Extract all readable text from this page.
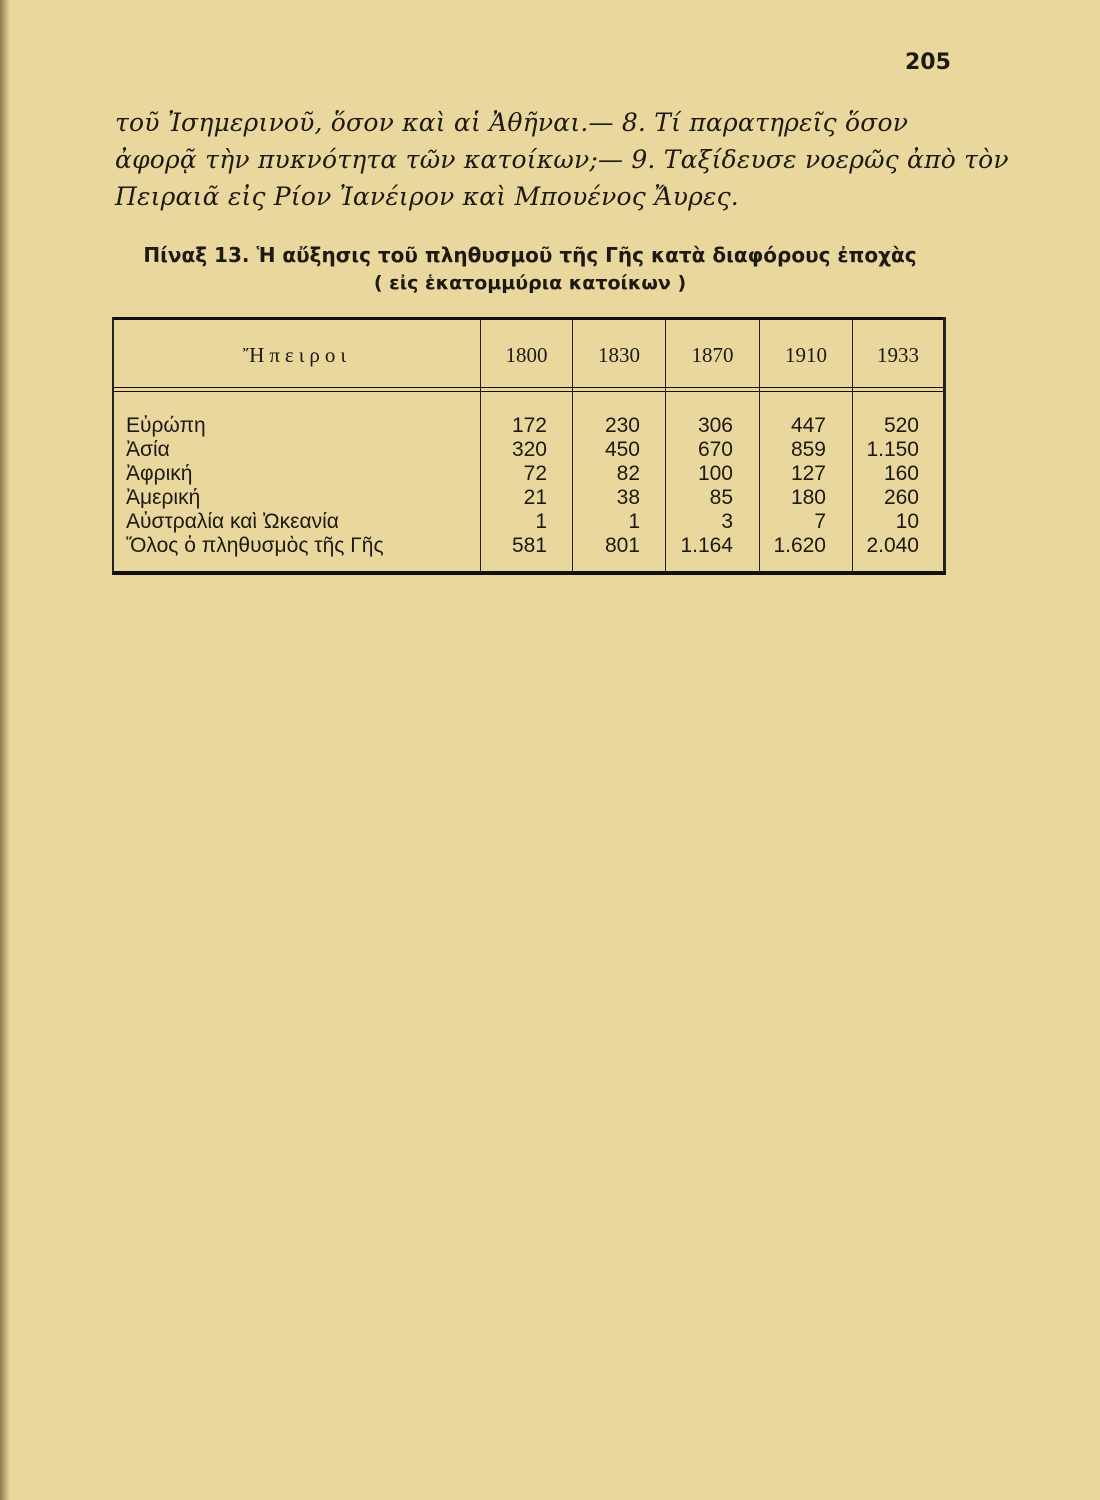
205
τοῦ Ἰσημερινοῦ, ὅσον καὶ αἱ Ἀθῆναι.— 8. Τί παρατηρεῖς ὅσον
ἀφορᾷ τὴν πυκνότητα τῶν κατοίκων;— 9. Ταξίδευσε νοερῶς ἀπὸ τὸν
Πειραιᾶ εἰς Ρίον Ἰανέιρον καὶ Μπουένος Ἄυρες.
Πίναξ 13. Ἡ αὔξησις τοῦ πληθυσμοῦ τῆς Γῆς κατὰ διαφόρους ἐποχὰς
( εἰς ἑκατομμύρια κατοίκων )
Ἤπειροι	1800	1830	1870	1910	1933
Εὐρώπη	172	230	306	447	520
Ἀσία	320	450	670	859	1.150
Ἀφρική	72	82	100	127	160
Ἀμερική	21	38	85	180	260
Αὐστραλία καὶ Ὠκεανία	1	1	3	7	10
Ὅλος ὁ πληθυσμὸς τῆς Γῆς	581	801	1.164	1.620	2.040
